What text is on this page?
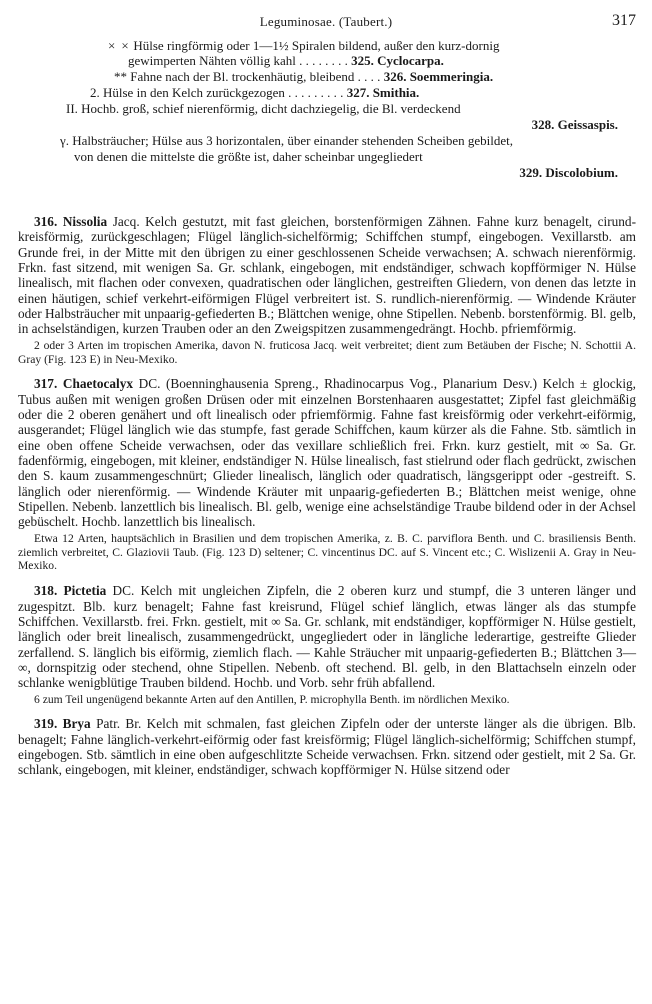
Leguminosae. (Taubert.)	317
× × Hülse ringförmig oder 1—1½ Spiralen bildend, außer den kurz-dornig
gewimperten Nähten völlig kahl . . . . . . . . 325. Cyclocarpa.
** Fahne nach der Bl. trockenhäutig, bleibend . . . . 326. Soemmeringia.
2. Hülse in den Kelch zurückgezogen . . . . . . . . . 327. Smithia.
II. Hochb. groß, schief nierenförmig, dicht dachziegelig, die Bl. verdeckend
328. Geissaspis.
γ. Halbsträucher; Hülse aus 3 horizontalen, über einander stehenden Scheiben gebildet,
von denen die mittelste die größte ist, daher scheinbar ungegliedert
329. Discolobium.

316. Nissolia Jacq. Kelch gestutzt, mit fast gleichen, borstenförmigen Zähnen. Fahne kurz benagelt, cirund-kreisförmig, zurückgeschlagen; Flügel länglich-sichelförmig; Schiffchen stumpf, eingebogen. Vexillarstb. am Grunde frei, in der Mitte mit den übrigen zu einer geschlossenen Scheide verwachsen; A. schwach nierenförmig. Frkn. fast sitzend, mit wenigen Sa. Gr. schlank, eingebogen, mit endständiger, schwach kopfförmiger N. Hülse linealisch, mit flachen oder convexen, quadratischen oder länglichen, gestreiften Gliedern, von denen das letzte in einen häutigen, schief verkehrt-eiförmigen Flügel verbreitert ist. S. rundlich-nierenförmig. — Windende Kräuter oder Halbsträucher mit unpaarig-gefiederten B.; Blättchen wenige, ohne Stipellen. Nebenb. borstenförmig. Bl. gelb, in achselständigen, kurzen Trauben oder an den Zweigspitzen zusammengedrängt. Hochb. pfriemförmig.

2 oder 3 Arten im tropischen Amerika, davon N. fruticosa Jacq. weit verbreitet; dient zum Betäuben der Fische; N. Schottii A. Gray (Fig. 123 E) in Neu-Mexiko.

317. Chaetocalyx DC. (Boenninghausenia Spreng., Rhadinocarpus Vog., Planarium Desv.) Kelch ± glockig, Tubus außen mit wenigen großen Drüsen oder mit einzelnen Borstenhaaren ausgestattet; Zipfel fast gleichmäßig oder die 2 oberen genähert und oft linealisch oder pfriemförmig. Fahne fast kreisförmig oder verkehrt-eiförmig, ausgerandet; Flügel länglich wie das stumpfe, fast gerade Schiffchen, kaum kürzer als die Fahne. Stb. sämtlich in eine oben offene Scheide verwachsen, oder das vexillare schließlich frei. Frkn. kurz gestielt, mit ∞ Sa. Gr. fadenförmig, eingebogen, mit kleiner, endständiger N. Hülse linealisch, fast stielrund oder flach gedrückt, zwischen den S. kaum zusammengeschnürt; Glieder linealisch, länglich oder quadratisch, längsgerippt oder -gestreift. S. länglich oder nierenförmig. — Windende Kräuter mit unpaarig-gefiederten B.; Blättchen meist wenige, ohne Stipellen. Nebenb. lanzettlich bis linealisch. Bl. gelb, wenige eine achselständige Traube bildend oder in der Achsel gebüschelt. Hochb. lanzettlich bis linealisch.

Etwa 12 Arten, hauptsächlich in Brasilien und dem tropischen Amerika, z. B. C. parviflora Benth. und C. brasiliensis Benth. ziemlich verbreitet, C. Glaziovii Taub. (Fig. 123 D) seltener; C. vincentinus DC. auf S. Vincent etc.; C. Wislizenii A. Gray in Neu-Mexiko.

318. Pictetia DC. Kelch mit ungleichen Zipfeln, die 2 oberen kurz und stumpf, die 3 unteren länger und zugespitzt. Blb. kurz benagelt; Fahne fast kreisrund, Flügel schief länglich, etwas länger als das stumpfe Schiffchen. Vexillarstb. frei. Frkn. gestielt, mit ∞ Sa. Gr. schlank, mit endständiger, kopfförmiger N. Hülse gestielt, länglich oder breit linealisch, zusammengedrückt, ungegliedert oder in längliche lederartige, gestreifte Glieder zerfallend. S. länglich bis eiförmig, ziemlich flach. — Kahle Sträucher mit unpaarig-gefiederten B.; Blättchen 3—∞, dornspitzig oder stechend, ohne Stipellen. Nebenb. oft stechend. Bl. gelb, in den Blattachseln einzeln oder schlanke wenigblütige Trauben bildend. Hochb. und Vorb. sehr früh abfallend.

6 zum Teil ungenügend bekannte Arten auf den Antillen, P. microphylla Benth. im nördlichen Mexiko.

319. Brya Patr. Br. Kelch mit schmalen, fast gleichen Zipfeln oder der unterste länger als die übrigen. Blb. benagelt; Fahne länglich-verkehrt-eiförmig oder fast kreisförmig; Flügel länglich-sichelförmig; Schiffchen stumpf, eingebogen. Stb. sämtlich in eine oben aufgeschlitzte Scheide verwachsen. Frkn. sitzend oder gestielt, mit 2 Sa. Gr. schlank, eingebogen, mit kleiner, endständiger, schwach kopfförmiger N. Hülse sitzend oder
